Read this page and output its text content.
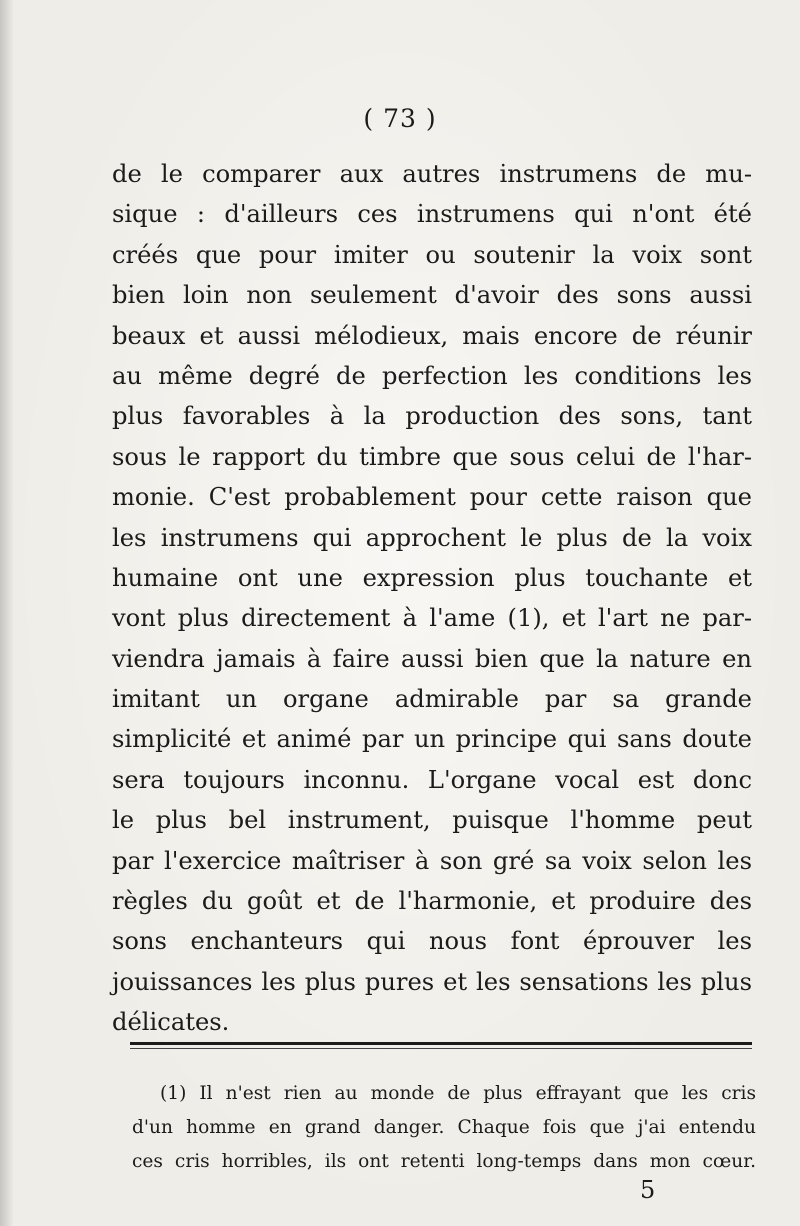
( 73 )
de le comparer aux autres instrumens de mu-
sique : d'ailleurs ces instrumens qui n'ont été
créés que pour imiter ou soutenir la voix sont
bien loin non seulement d'avoir des sons aussi
beaux et aussi mélodieux, mais encore de réunir
au même degré de perfection les conditions les
plus favorables à la production des sons, tant
sous le rapport du timbre que sous celui de l'har-
monie. C'est probablement pour cette raison que
les instrumens qui approchent le plus de la voix
humaine ont une expression plus touchante et
vont plus directement à l'ame (1), et l'art ne par-
viendra jamais à faire aussi bien que la nature en
imitant un organe admirable par sa grande
simplicité et animé par un principe qui sans doute
sera toujours inconnu. L'organe vocal est donc
le plus bel instrument, puisque l'homme peut
par l'exercice maîtriser à son gré sa voix selon les
règles du goût et de l'harmonie, et produire des
sons enchanteurs qui nous font éprouver les
jouissances les plus pures et les sensations les plus
délicates.
(1) Il n'est rien au monde de plus effrayant que les cris
d'un homme en grand danger. Chaque fois que j'ai entendu
ces cris horribles, ils ont retenti long-temps dans mon cœur.
5
